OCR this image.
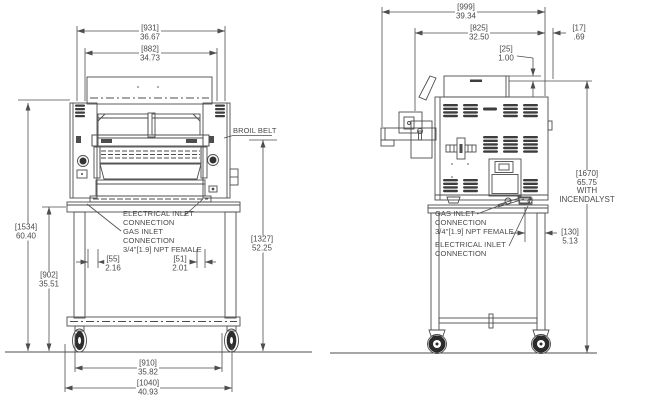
[931]
36.67
[882]
34.73
[1534]
60.40
[902]
35.51
[1327]
52.25
[55]
2.16
[51]
2.01
[910]
35.82
[1040]
40.93
BROIL BELT
ELECTRICAL INLET
CONNECTION
GAS INLET
CONNECTION
3/4"[1.9] NPT FEMALE
[999]
39.34
[825]
32.50
[17]
.69
[25]
1.00
[1670]
65.75
WITH
INCENDALYST
[130]
5.13
GAS INLET
CONNECTION
3/4"[1.9] NPT FEMALE
ELECTRICAL INLET
CONNECTION
